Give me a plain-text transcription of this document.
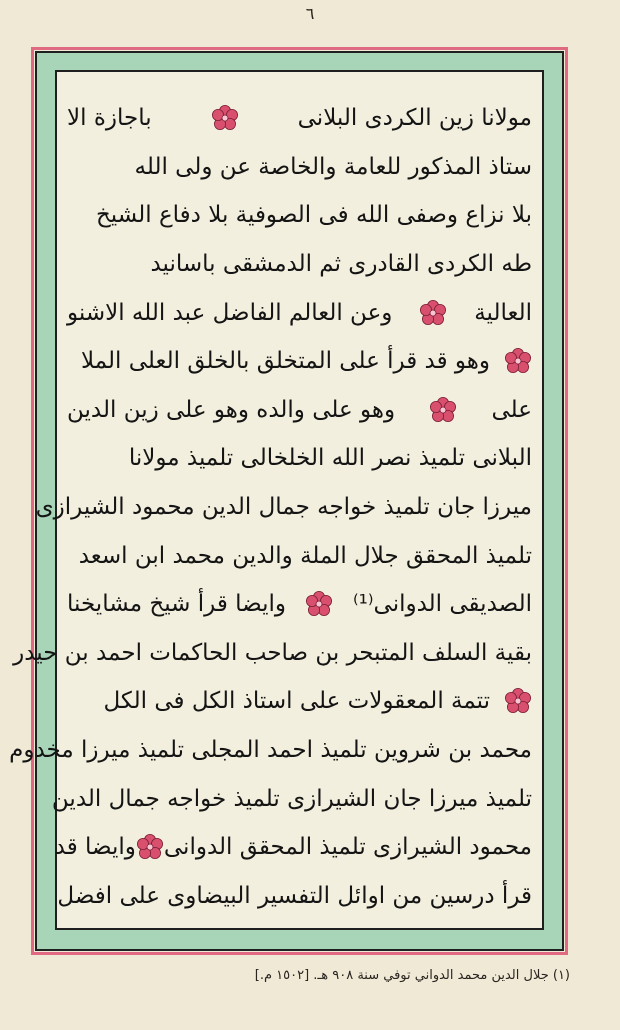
٦
مولانا زين الكردى البلانى
باجازة الا
ستاذ المذكور للعامة والخاصة عن ولى الله
بلا نزاع وصفى الله فى الصوفية بلا دفاع الشيخ
طه الكردى القادرى ثم الدمشقى باسانيد
العالية
وعن العالم الفاضل عبد الله الاشنو
وهو قد قرأ على المتخلق بالخلق العلى الملا
على
وهو على والده وهو على زين الدين
البلانى تلميذ نصر الله الخلخالى تلميذ مولانا
ميرزا جان تلميذ خواجه جمال الدين محمود الشيرازى
تلميذ المحقق جلال الملة والدين محمد ابن اسعد
الصديقى الدوانى⁽¹⁾
وايضا قرأ شيخ مشايخنا
بقية السلف المتبحر بن صاحب الحاكمات احمد بن حيدر
تتمة المعقولات على استاذ الكل فى الكل
محمد بن شروين تلميذ احمد المجلى تلميذ ميرزا مخدوم
تلميذ ميرزا جان الشيرازى تلميذ خواجه جمال الدين
محمود الشيرازى تلميذ المحقق الدوانى
وايضا قد
قرأ درسين من اوائل التفسير البيضاوى على افضل
(١) جلال الدين محمد الدواني توفي سنة ٩٠٨ هـ. [١٥٠٢ م.]
